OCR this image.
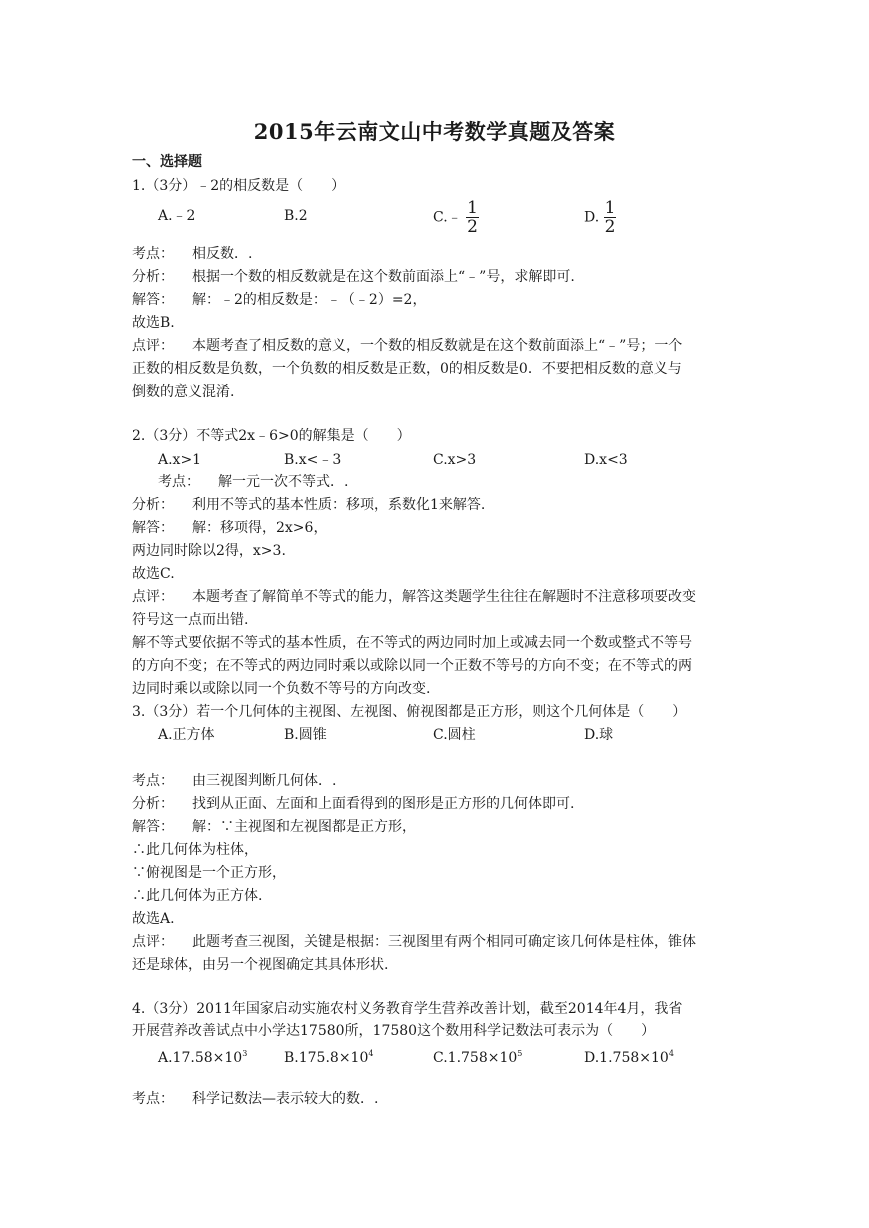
2015年云南文山中考数学真题及答案
一、选择题
1.（3分）﹣2的相反数是（　　）
A.﹣2	B.2	C.﹣ $\frac{1}{2}$	D. $\frac{1}{2}$
考点： 相反数．.
分析： 根据一个数的相反数就是在这个数前面添上“﹣”号，求解即可.
解答： 解：﹣2的相反数是：﹣（﹣2）=2，
故选B.
点评： 本题考查了相反数的意义，一个数的相反数就是在这个数前面添上“﹣”号；一个
正数的相反数是负数，一个负数的相反数是正数，0的相反数是0．不要把相反数的意义与
倒数的意义混淆.
2.（3分）不等式2x﹣6>0的解集是（　　）
A.x>1	B.x<﹣3	C.x>3	D.x<3
考点： 解一元一次不等式．.
分析： 利用不等式的基本性质：移项，系数化1来解答.
解答： 解：移项得，2x>6，
两边同时除以2得，x>3.
故选C.
点评： 本题考查了解简单不等式的能力，解答这类题学生往往在解题时不注意移项要改变
符号这一点而出错.
解不等式要依据不等式的基本性质，在不等式的两边同时加上或减去同一个数或整式不等号
的方向不变；在不等式的两边同时乘以或除以同一个正数不等号的方向不变；在不等式的两
边同时乘以或除以同一个负数不等号的方向改变.
3.（3分）若一个几何体的主视图、左视图、俯视图都是正方形，则这个几何体是（　　）
A.正方体	B.圆锥	C.圆柱	D.球
考点： 由三视图判断几何体．.
分析： 找到从正面、左面和上面看得到的图形是正方形的几何体即可.
解答： 解：∵主视图和左视图都是正方形，
∴此几何体为柱体，
∵俯视图是一个正方形，
∴此几何体为正方体.
故选A.
点评： 此题考查三视图，关键是根据：三视图里有两个相同可确定该几何体是柱体，锥体
还是球体，由另一个视图确定其具体形状.
4.（3分）2011年国家启动实施农村义务教育学生营养改善计划，截至2014年4月，我省
开展营养改善试点中小学达17580所，17580这个数用科学记数法可表示为（　　）
$A.17.58\times 10^3$	$B.175.8\times 10^4$	$C.1.758\times 10^5$	$D.1.758\times 10^4$
考点： 科学记数法—表示较大的数．.
